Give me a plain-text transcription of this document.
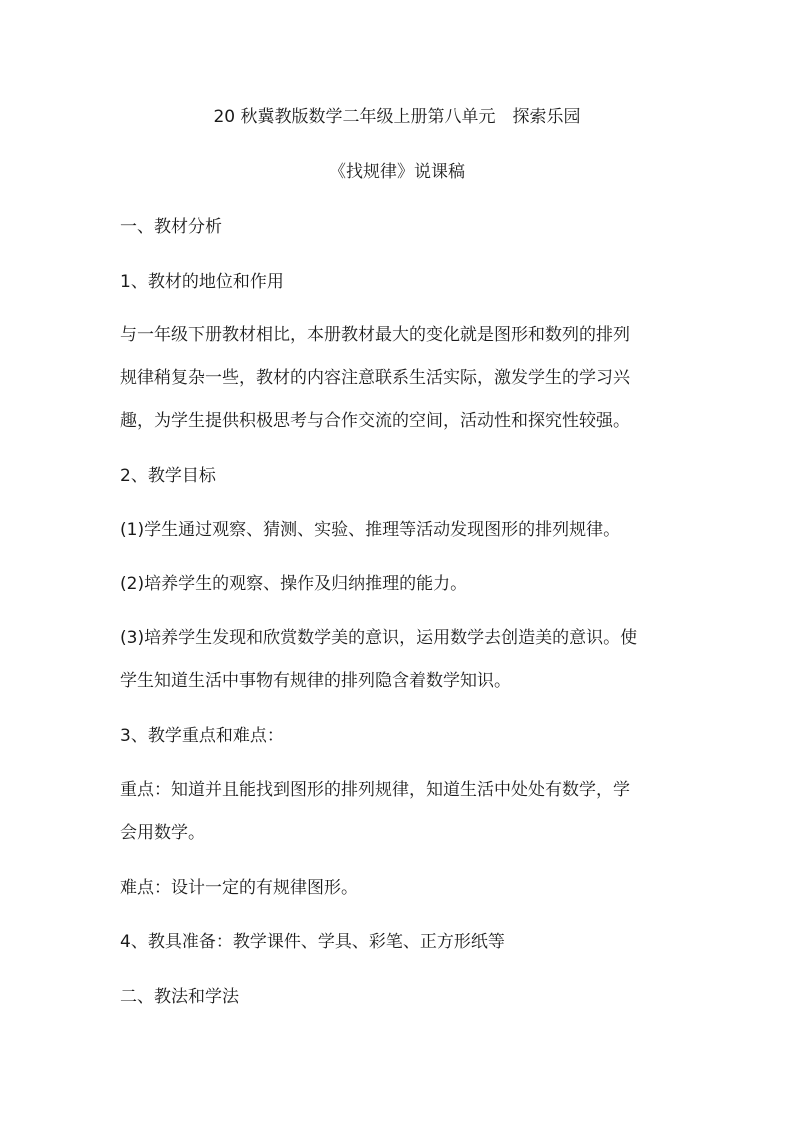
20 秋冀教版数学二年级上册第八单元　探索乐园
《找规律》说课稿
一、教材分析
1、教材的地位和作用
与一年级下册教材相比，本册教材最大的变化就是图形和数列的排列
规律稍复杂一些，教材的内容注意联系生活实际，激发学生的学习兴
趣，为学生提供积极思考与合作交流的空间，活动性和探究性较强。
2、教学目标
(1)学生通过观察、猜测、实验、推理等活动发现图形的排列规律。
(2)培养学生的观察、操作及归纳推理的能力。
(3)培养学生发现和欣赏数学美的意识，运用数学去创造美的意识。使
学生知道生活中事物有规律的排列隐含着数学知识。
3、教学重点和难点：
重点：知道并且能找到图形的排列规律，知道生活中处处有数学，学
会用数学。
难点：设计一定的有规律图形。
4、教具准备：教学课件、学具、彩笔、正方形纸等
二、教法和学法
